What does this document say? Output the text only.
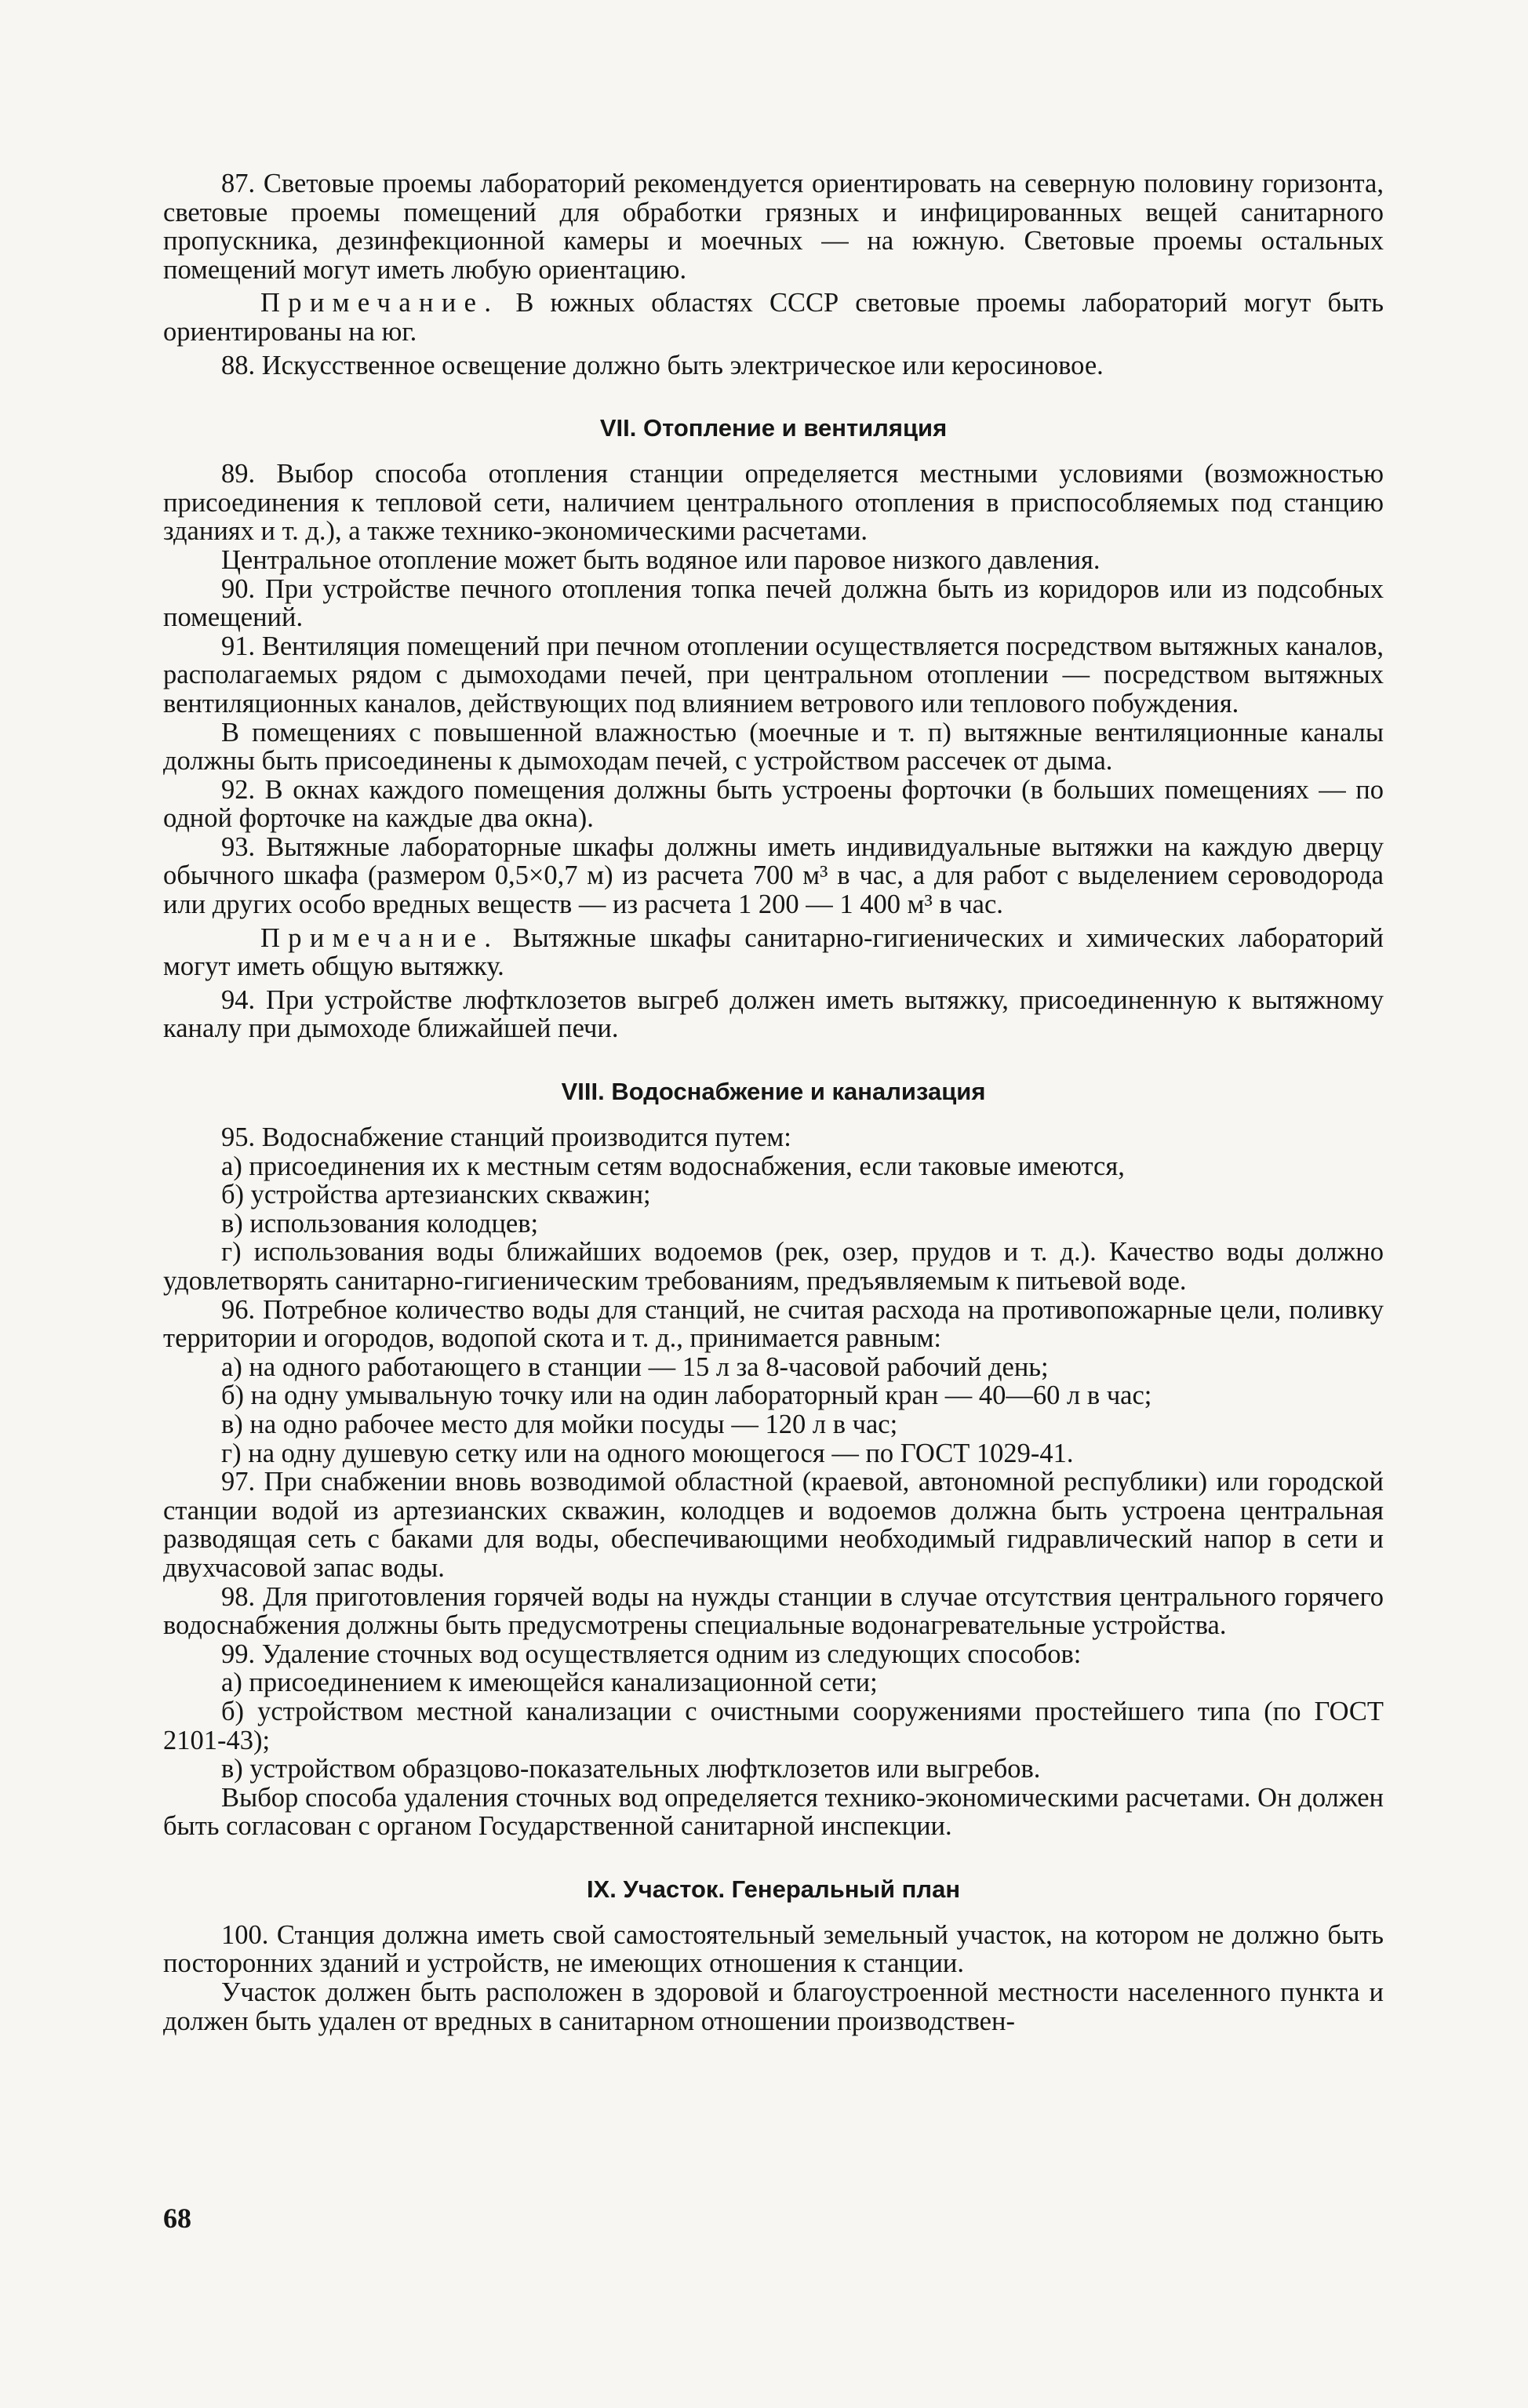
87. Световые проемы лабораторий рекомендуется ориентировать на северную половину горизонта, световые проемы помещений для обработки грязных и инфицированных вещей санитарного пропускника, дезинфекционной камеры и моечных — на южную. Световые проемы остальных помещений могут иметь любую ориентацию.

Примечание. В южных областях СССР световые проемы лабораторий могут быть ориентированы на юг.

88. Искусственное освещение должно быть электрическое или керосиновое.

VII. Отопление и вентиляция

89. Выбор способа отопления станции определяется местными условиями (возможностью присоединения к тепловой сети, наличием центрального отопления в приспособляемых под станцию зданиях и т. д.), а также технико-экономическими расчетами.

Центральное отопление может быть водяное или паровое низкого давления.

90. При устройстве печного отопления топка печей должна быть из коридоров или из подсобных помещений.

91. Вентиляция помещений при печном отоплении осуществляется посредством вытяжных каналов, располагаемых рядом с дымоходами печей, при центральном отоплении — посредством вытяжных вентиляционных каналов, действующих под влиянием ветрового или теплового побуждения.

В помещениях с повышенной влажностью (моечные и т. п) вытяжные вентиляционные каналы должны быть присоединены к дымоходам печей, с устройством рассечек от дыма.

92. В окнах каждого помещения должны быть устроены форточки (в больших помещениях — по одной форточке на каждые два окна).

93. Вытяжные лабораторные шкафы должны иметь индивидуальные вытяжки на каждую дверцу обычного шкафа (размером 0,5×0,7 м) из расчета 700 м³ в час, а для работ с выделением сероводорода или других особо вредных веществ — из расчета 1 200 — 1 400 м³ в час.

Примечание. Вытяжные шкафы санитарно-гигиенических и химических лабораторий могут иметь общую вытяжку.

94. При устройстве люфтклозетов выгреб должен иметь вытяжку, присоединенную к вытяжному каналу при дымоходе ближайшей печи.

VIII. Водоснабжение и канализация

95. Водоснабжение станций производится путем:

а) присоединения их к местным сетям водоснабжения, если таковые имеются,

б) устройства артезианских скважин;

в) использования колодцев;

г) использования воды ближайших водоемов (рек, озер, прудов и т. д.). Качество воды должно удовлетворять санитарно-гигиеническим требованиям, предъявляемым к питьевой воде.

96. Потребное количество воды для станций, не считая расхода на противопожарные цели, поливку территории и огородов, водопой скота и т. д., принимается равным:

а) на одного работающего в станции — 15 л за 8-часовой рабочий день;

б) на одну умывальную точку или на один лабораторный кран — 40—60 л в час;

в) на одно рабочее место для мойки посуды — 120 л в час;

г) на одну душевую сетку или на одного моющегося — по ГОСТ 1029-41.

97. При снабжении вновь возводимой областной (краевой, автономной республики) или городской станции водой из артезианских скважин, колодцев и водоемов должна быть устроена центральная разводящая сеть с баками для воды, обеспечивающими необходимый гидравлический напор в сети и двухчасовой запас воды.

98. Для приготовления горячей воды на нужды станции в случае отсутствия центрального горячего водоснабжения должны быть предусмотрены специальные водонагревательные устройства.

99. Удаление сточных вод осуществляется одним из следующих способов:

а) присоединением к имеющейся канализационной сети;

б) устройством местной канализации с очистными сооружениями простейшего типа (по ГОСТ 2101-43);

в) устройством образцово-показательных люфтклозетов или выгребов.

Выбор способа удаления сточных вод определяется технико-экономическими расчетами. Он должен быть согласован с органом Государственной санитарной инспекции.

IX. Участок. Генеральный план

100. Станция должна иметь свой самостоятельный земельный участок, на котором не должно быть посторонних зданий и устройств, не имеющих отношения к станции.

Участок должен быть расположен в здоровой и благоустроенной местности населенного пункта и должен быть удален от вредных в санитарном отношении производствен-

68
